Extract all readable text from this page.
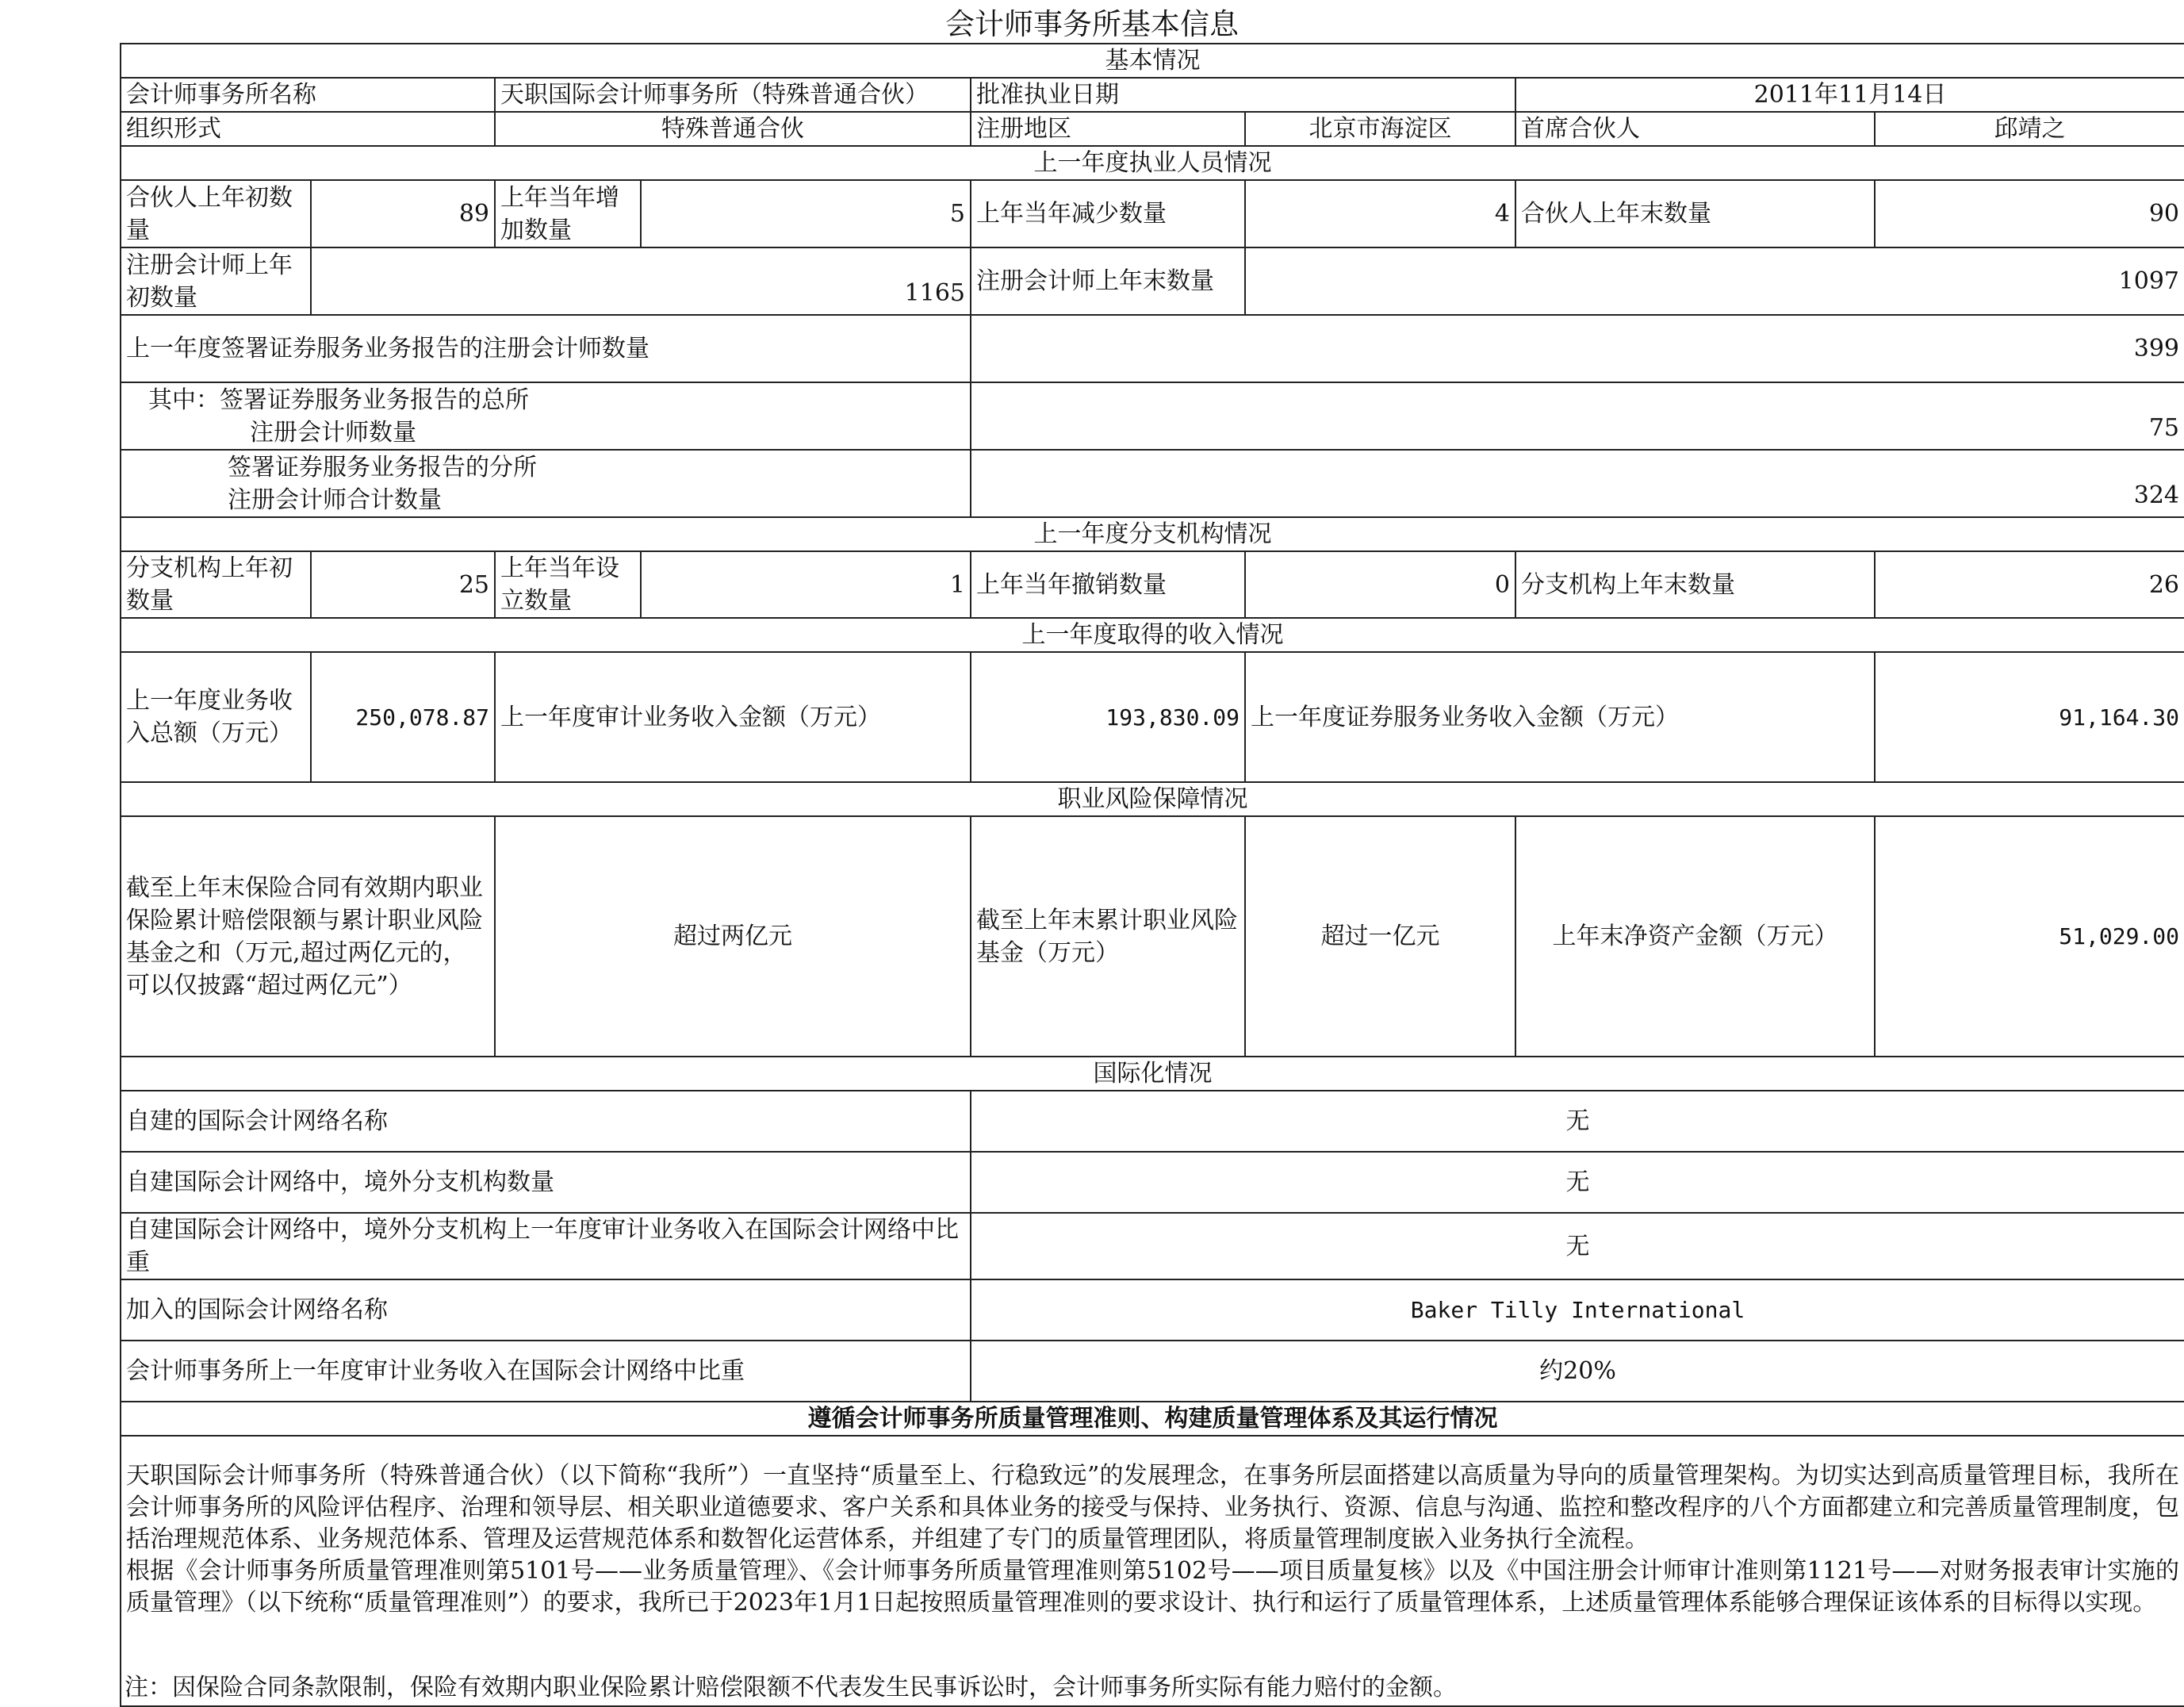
会计师事务所基本信息
基本情况							
会计师事务所名称		天职国际会计师事务所（特殊普通合伙）		批准执业日期		2011年11月14日	
组织形式		特殊普通合伙		注册地区	北京市海淀区	首席合伙人	邱靖之
上一年度执业人员情况							
合伙人上年初数量	89	上年当年增加数量	5	上年当年减少数量	4	合伙人上年末数量	90
注册会计师上年初数量	1165			注册会计师上年末数量	1097		
上一年度签署证券服务业务报告的注册会计师数量				399			

其中：签署证券服务业务报告的总所
注册会计师数量				75			

签署证券服务业务报告的分所
注册会计师合计数量				324			
上一年度分支机构情况							
分支机构上年初数量	25	上年当年设立数量	1	上年当年撤销数量	0	分支机构上年末数量	26
上一年度取得的收入情况							
上一年度业务收入总额（万元）	250,078.87	上一年度审计业务收入金额（万元）		193,830.09	上一年度证券服务业务收入金额（万元）		91,164.30
职业风险保障情况							
截至上年末保险合同有效期内职业保险累计赔偿限额与累计职业风险基金之和（万元,超过两亿元的，可以仅披露“超过两亿元”）		超过两亿元		截至上年末累计职业风险基金（万元）	超过一亿元	上年末净资产金额（万元）	51,029.00
国际化情况							
自建的国际会计网络名称				无			
自建国际会计网络中，境外分支机构数量				无			
自建国际会计网络中，境外分支机构上一年度审计业务收入在国际会计网络中比重				无			
加入的国际会计网络名称				Baker Tilly International			
会计师事务所上一年度审计业务收入在国际会计网络中比重				约20%			
遵循会计师事务所质量管理准则、构建质量管理体系及其运行情况							

天职国际会计师事务所（特殊普通合伙）（以下简称“我所”）一直坚持“质量至上、行稳致远”的发展理念，在事务所层面搭建以高质量为导向的质量管理架构。为切实达到高质量管理目标，我所在会计师事务所的风险评估程序、治理和领导层、相关职业道德要求、客户关系和具体业务的接受与保持、业务执行、资源、信息与沟通、监控和整改程序的八个方面都建立和完善质量管理制度，包括治理规范体系、业务规范体系、管理及运营规范体系和数智化运营体系，并组建了专门的质量管理团队，将质量管理制度嵌入业务执行全流程。
根据《会计师事务所质量管理准则第5101号——业务质量管理》、《会计师事务所质量管理准则第5102号——项目质量复核》以及《中国注册会计师审计准则第1121号——对财务报表审计实施的质量管理》（以下统称“质量管理准则”）的要求，我所已于2023年1月1日起按照质量管理准则的要求设计、执行和运行了质量管理体系，上述质量管理体系能够合理保证该体系的目标得以实现。							
注：因保险合同条款限制，保险有效期内职业保险累计赔偿限额不代表发生民事诉讼时，会计师事务所实际有能力赔付的金额。
